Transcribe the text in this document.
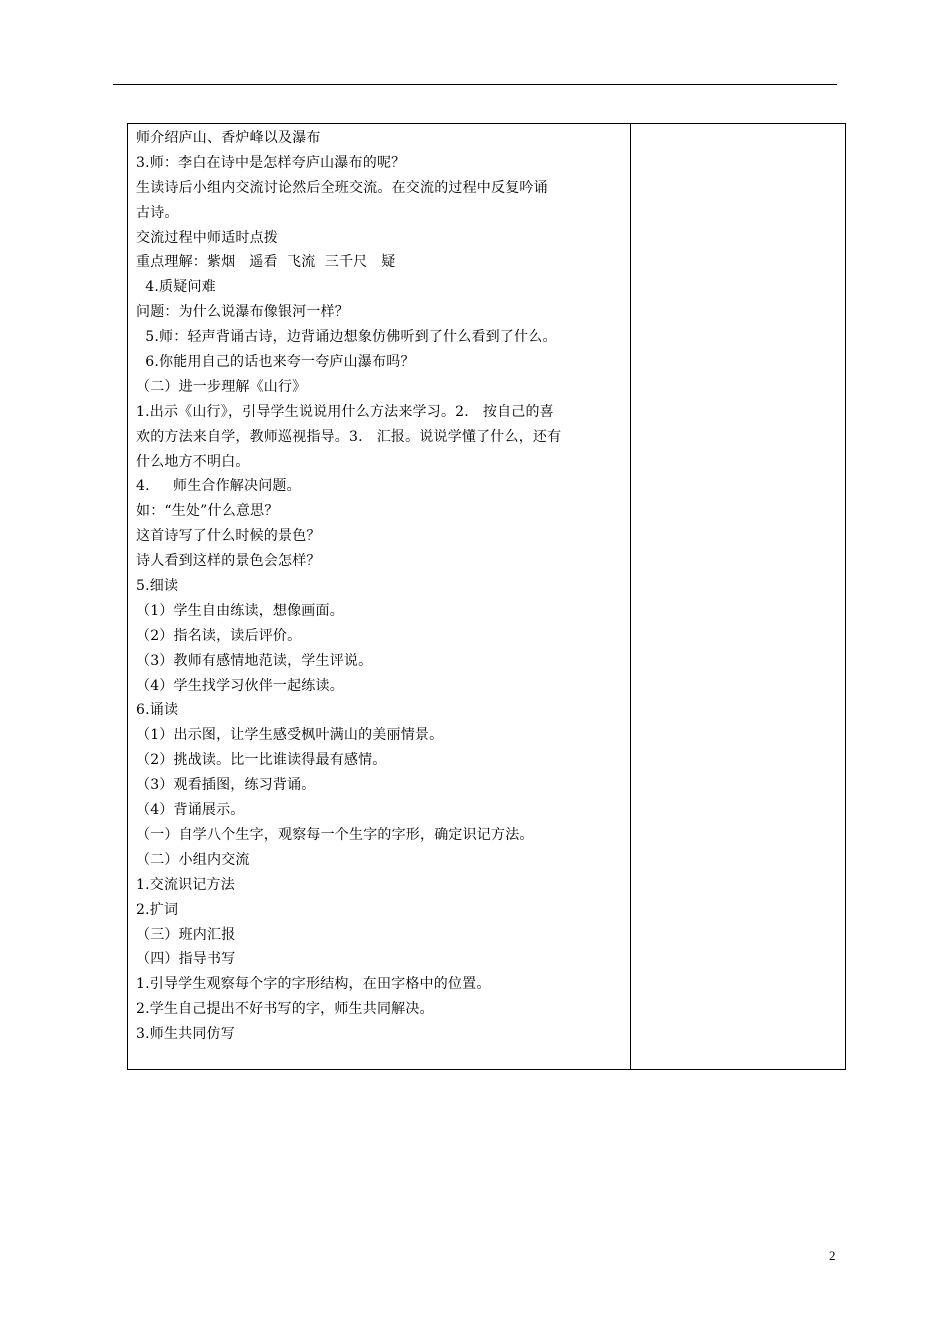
师介绍庐山、香炉峰以及瀑布
3.师：李白在诗中是怎样夸庐山瀑布的呢？
生读诗后小组内交流讨论然后全班交流。在交流的过程中反复吟诵
古诗。
交流过程中师适时点拨
重点理解：紫烟   遥看  飞流  三千尺   疑
4.质疑问难
问题：为什么说瀑布像银河一样？
5.师：轻声背诵古诗，边背诵边想象仿佛听到了什么看到了什么。
6.你能用自己的话也来夸一夸庐山瀑布吗？
（二）进一步理解《山行》
1.出示《山行》，引导学生说说用什么方法来学习。2.   按自己的喜
欢的方法来自学，教师巡视指导。3.   汇报。说说学懂了什么，还有
什么地方不明白。
4.     师生合作解决问题。
如：“生处”什么意思？
这首诗写了什么时候的景色？
诗人看到这样的景色会怎样？
5.细读
（1）学生自由练读，想像画面。
（2）指名读，读后评价。
（3）教师有感情地范读，学生评说。
（4）学生找学习伙伴一起练读。
6.诵读
（1）出示图，让学生感受枫叶满山的美丽情景。
（2）挑战读。比一比谁读得最有感情。
（3）观看插图，练习背诵。
（4）背诵展示。
（一）自学八个生字，观察每一个生字的字形，确定识记方法。
（二）小组内交流
1.交流识记方法
2.扩词
（三）班内汇报
（四）指导书写
1.引导学生观察每个字的字形结构，在田字格中的位置。
2.学生自己提出不好书写的字，师生共同解决。
3.师生共同仿写
2
